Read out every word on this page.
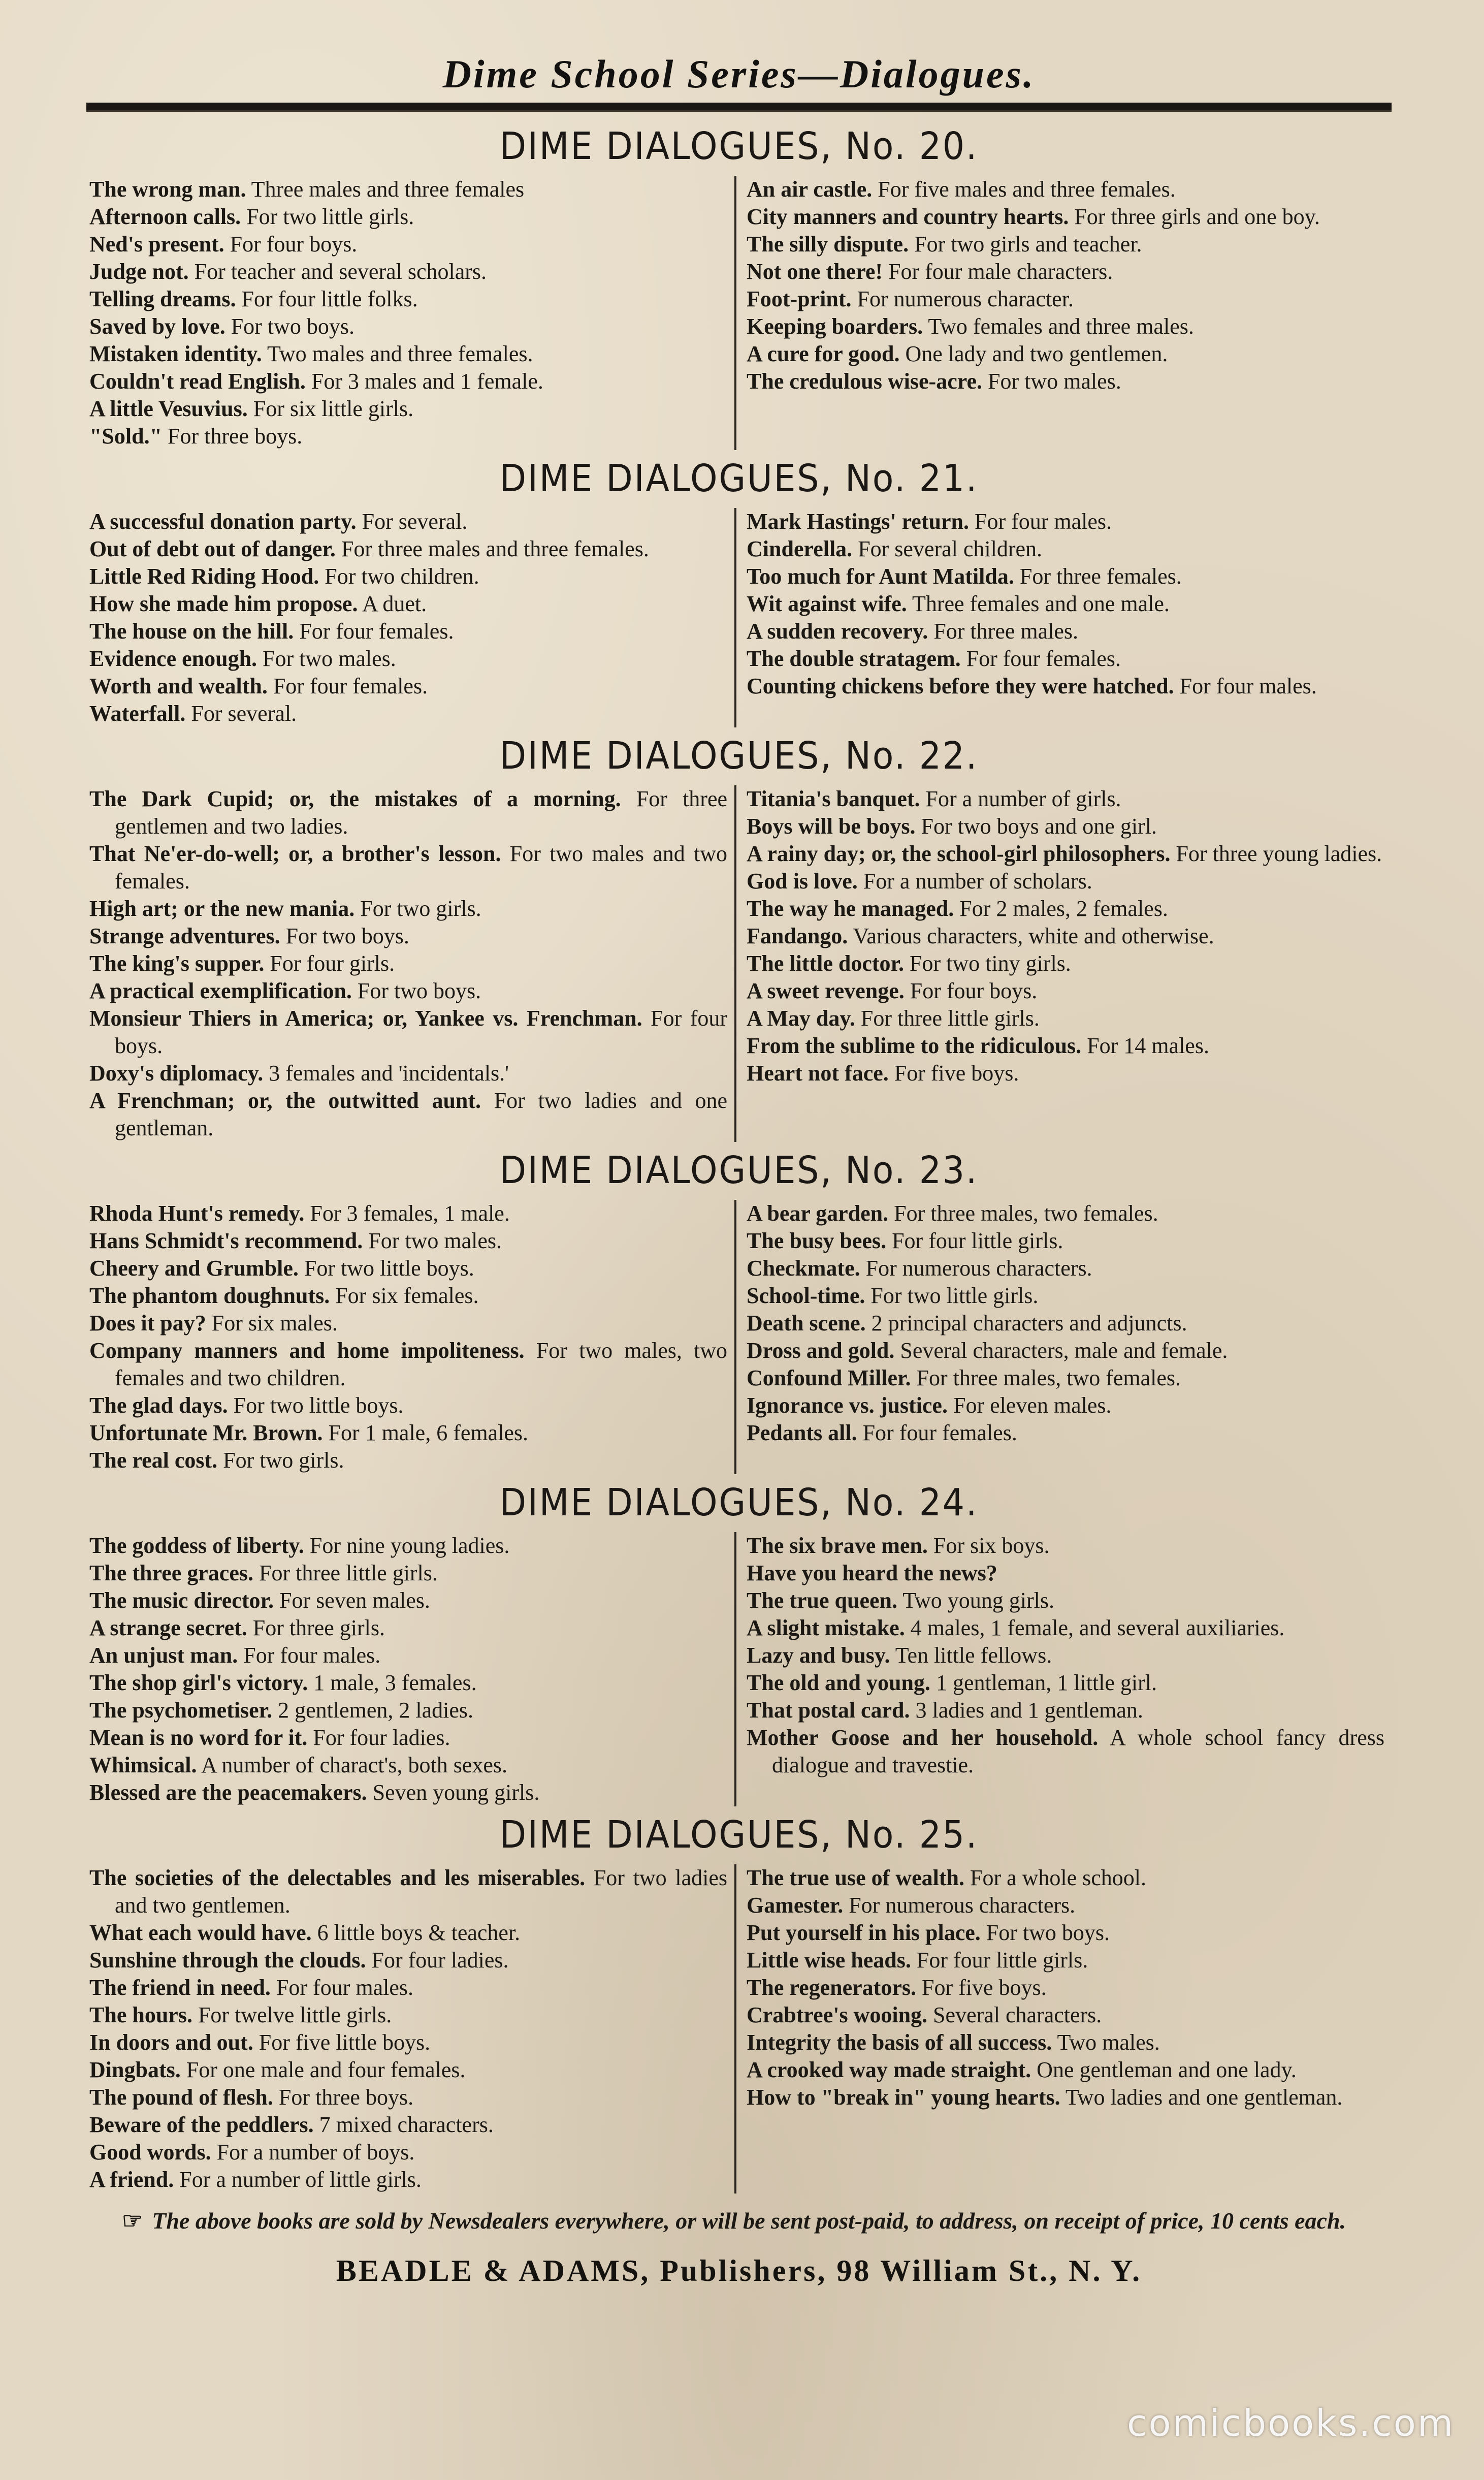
Dime School Series—Dialogues.
DIME DIALOGUES, No. 20.

The wrong man. Three males and three females

Afternoon calls. For two little girls.

Ned's present. For four boys.

Judge not. For teacher and several scholars.

Telling dreams. For four little folks.

Saved by love. For two boys.

Mistaken identity. Two males and three females.

Couldn't read English. For 3 males and 1 female.

A little Vesuvius. For six little girls.

"Sold." For three boys.

An air castle. For five males and three females.

City manners and country hearts. For three girls and one boy.

The silly dispute. For two girls and teacher.

Not one there! For four male characters.

Foot-print. For numerous character.

Keeping boarders. Two females and three males.

A cure for good. One lady and two gentlemen.

The credulous wise-acre. For two males.

DIME DIALOGUES, No. 21.

A successful donation party. For several.

Out of debt out of danger. For three males and three females.

Little Red Riding Hood. For two children.

How she made him propose. A duet.

The house on the hill. For four females.

Evidence enough. For two males.

Worth and wealth. For four females.

Waterfall. For several.

Mark Hastings' return. For four males.

Cinderella. For several children.

Too much for Aunt Matilda. For three females.

Wit against wife. Three females and one male.

A sudden recovery. For three males.

The double stratagem. For four females.

Counting chickens before they were hatched. For four males.

DIME DIALOGUES, No. 22.

The Dark Cupid; or, the mistakes of a morning. For three gentlemen and two ladies.

That Ne'er-do-well; or, a brother's lesson. For two males and two females.

High art; or the new mania. For two girls.

Strange adventures. For two boys.

The king's supper. For four girls.

A practical exemplification. For two boys.

Monsieur Thiers in America; or, Yankee vs. Frenchman. For four boys.

Doxy's diplomacy. 3 females and 'incidentals.'

A Frenchman; or, the outwitted aunt. For two ladies and one gentleman.

Titania's banquet. For a number of girls.

Boys will be boys. For two boys and one girl.

A rainy day; or, the school-girl philosophers. For three young ladies.

God is love. For a number of scholars.

The way he managed. For 2 males, 2 females.

Fandango. Various characters, white and otherwise.

The little doctor. For two tiny girls.

A sweet revenge. For four boys.

A May day. For three little girls.

From the sublime to the ridiculous. For 14 males.

Heart not face. For five boys.

DIME DIALOGUES, No. 23.

Rhoda Hunt's remedy. For 3 females, 1 male.

Hans Schmidt's recommend. For two males.

Cheery and Grumble. For two little boys.

The phantom doughnuts. For six females.

Does it pay? For six males.

Company manners and home impoliteness. For two males, two females and two children.

The glad days. For two little boys.

Unfortunate Mr. Brown. For 1 male, 6 females.

The real cost. For two girls.

A bear garden. For three males, two females.

The busy bees. For four little girls.

Checkmate. For numerous characters.

School-time. For two little girls.

Death scene. 2 principal characters and adjuncts.

Dross and gold. Several characters, male and female.

Confound Miller. For three males, two females.

Ignorance vs. justice. For eleven males.

Pedants all. For four females.

DIME DIALOGUES, No. 24.

The goddess of liberty. For nine young ladies.

The three graces. For three little girls.

The music director. For seven males.

A strange secret. For three girls.

An unjust man. For four males.

The shop girl's victory. 1 male, 3 females.

The psychometiser. 2 gentlemen, 2 ladies.

Mean is no word for it. For four ladies.

Whimsical. A number of charact's, both sexes.

Blessed are the peacemakers. Seven young girls.

The six brave men. For six boys.

Have you heard the news?

The true queen. Two young girls.

A slight mistake. 4 males, 1 female, and several auxiliaries.

Lazy and busy. Ten little fellows.

The old and young. 1 gentleman, 1 little girl.

That postal card. 3 ladies and 1 gentleman.

Mother Goose and her household. A whole school fancy dress dialogue and travestie.

DIME DIALOGUES, No. 25.

The societies of the delectables and les miserables. For two ladies and two gentlemen.

What each would have. 6 little boys & teacher.

Sunshine through the clouds. For four ladies.

The friend in need. For four males.

The hours. For twelve little girls.

In doors and out. For five little boys.

Dingbats. For one male and four females.

The pound of flesh. For three boys.

Beware of the peddlers. 7 mixed characters.

Good words. For a number of boys.

A friend. For a number of little girls.

The true use of wealth. For a whole school.

Gamester. For numerous characters.

Put yourself in his place. For two boys.

Little wise heads. For four little girls.

The regenerators. For five boys.

Crabtree's wooing. Several characters.

Integrity the basis of all success. Two males.

A crooked way made straight. One gentleman and one lady.

How to "break in" young hearts. Two ladies and one gentleman.

☞ The above books are sold by Newsdealers everywhere, or will be sent post-paid, to address, on receipt of price, 10 cents each.
BEADLE & ADAMS, Publishers, 98 William St., N. Y.
comicbooks.com
